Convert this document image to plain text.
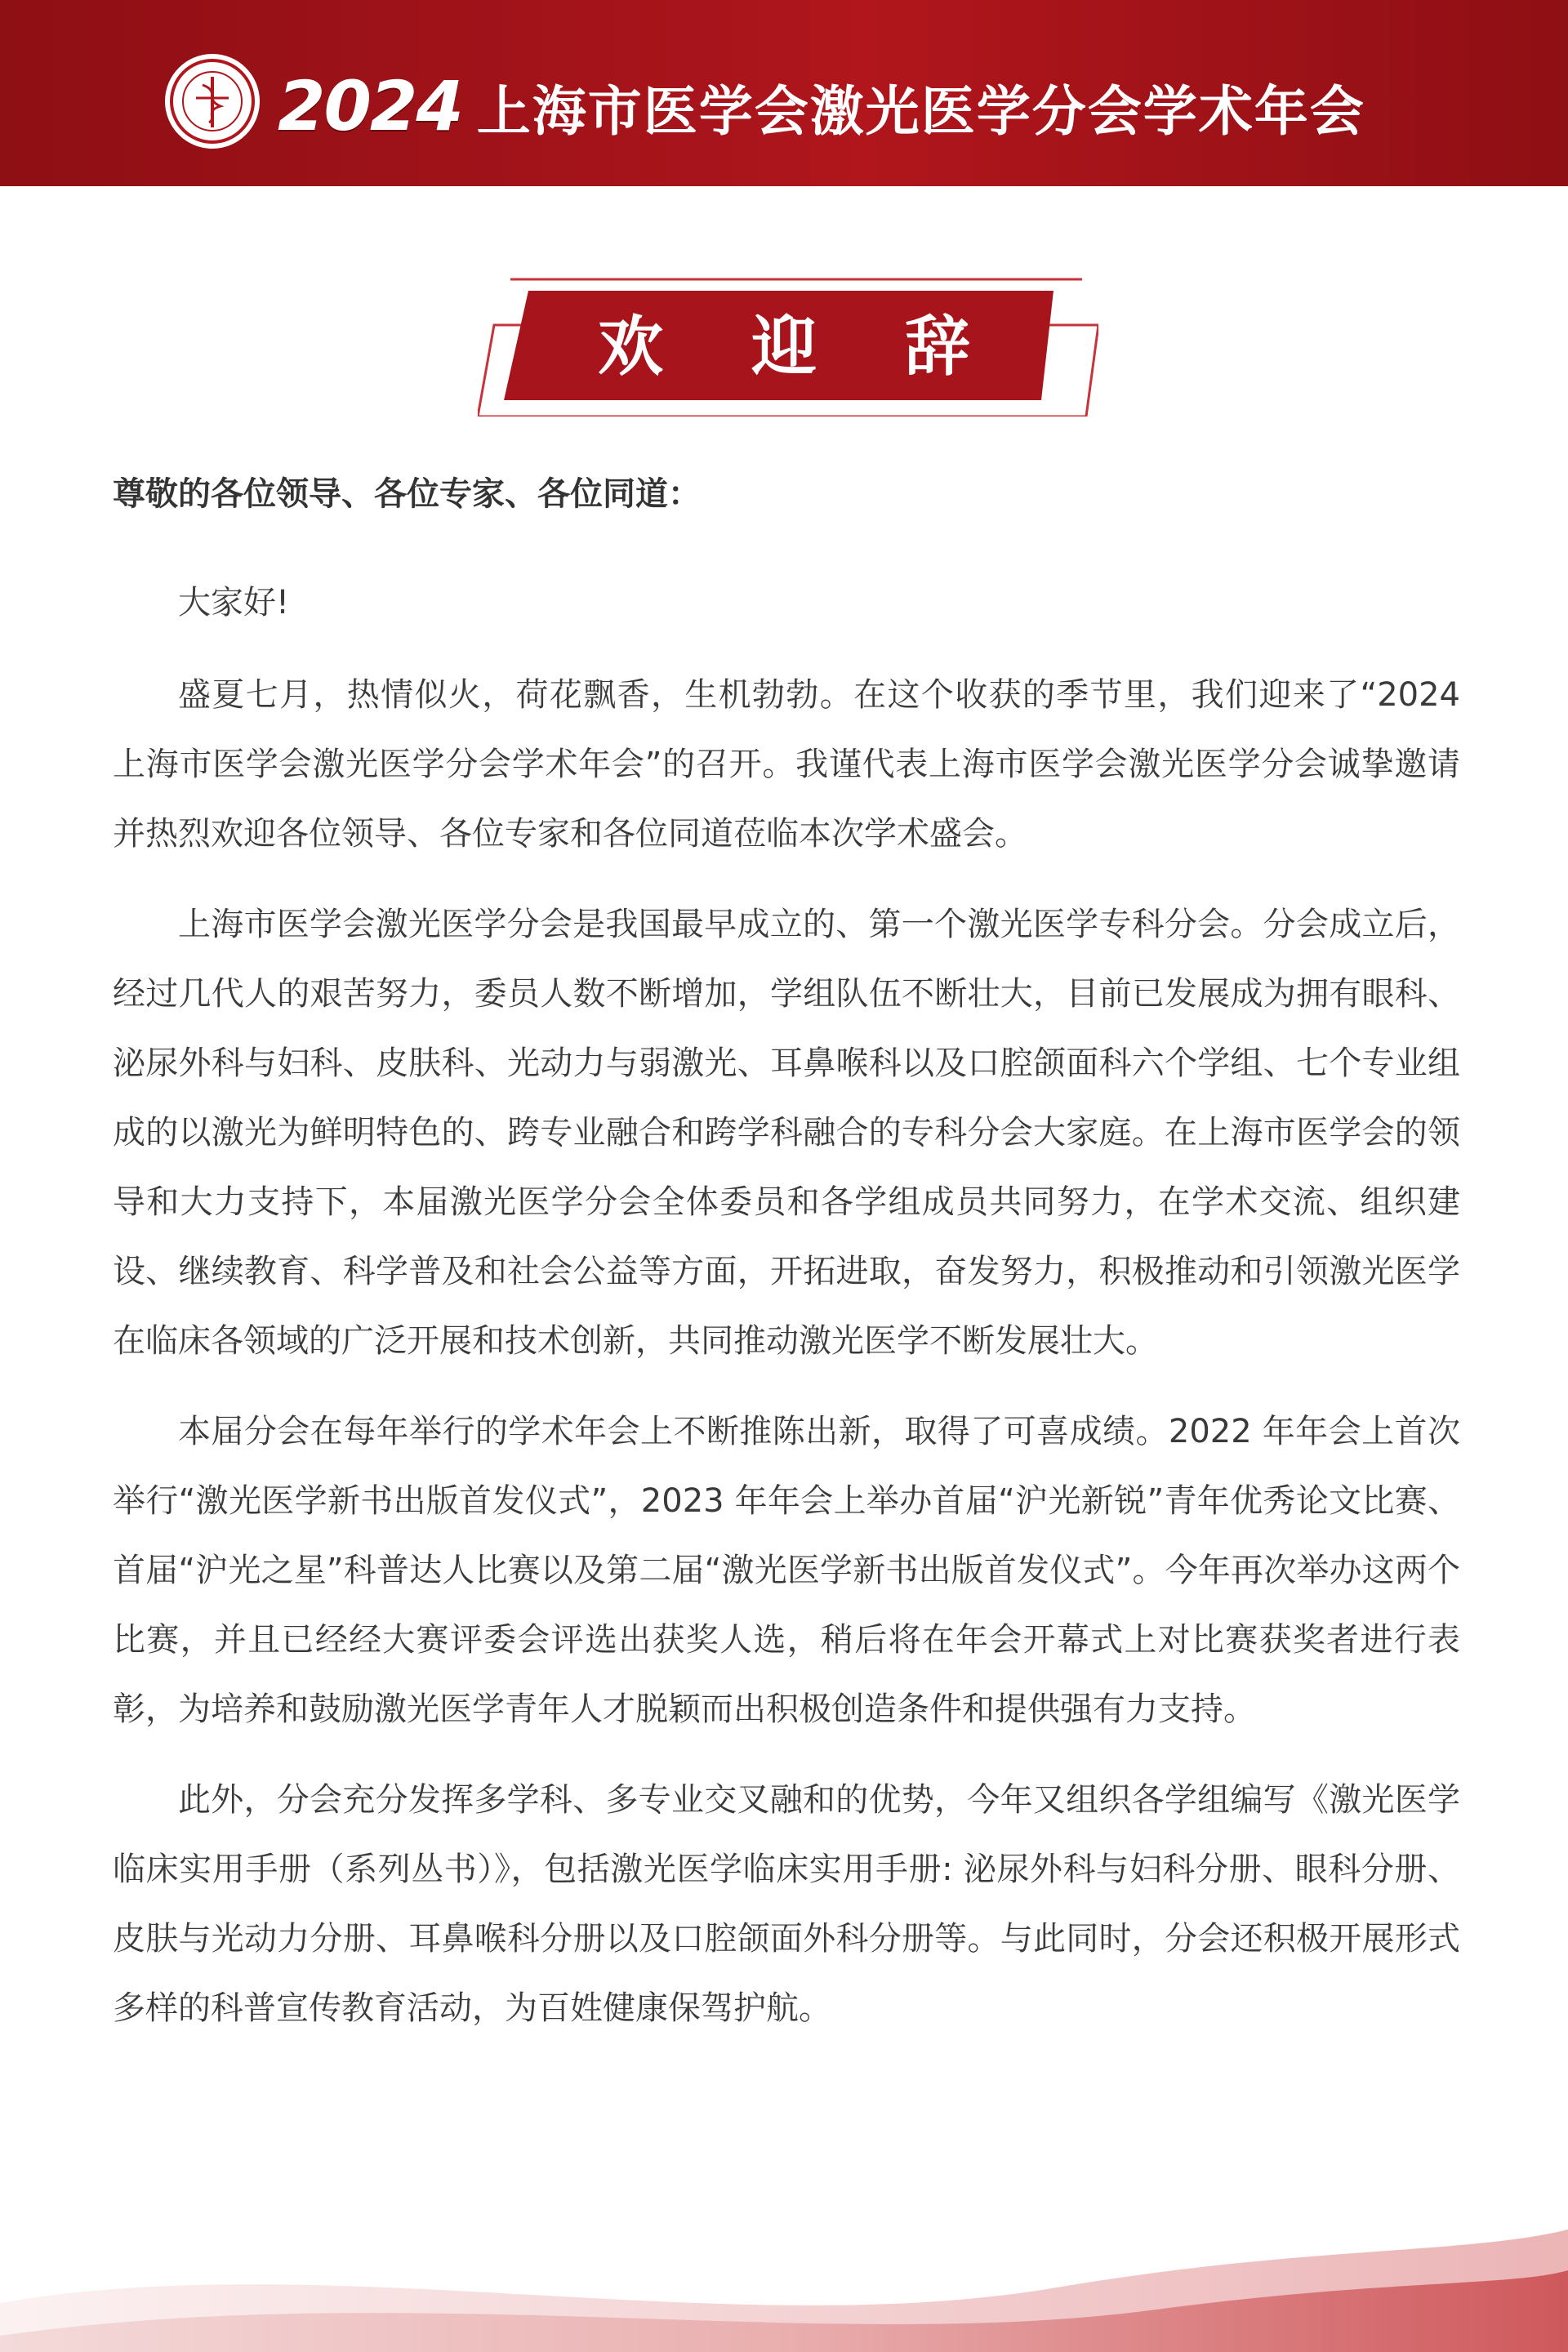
2024 上海市医学会激光医学分会学术年会
欢 迎 辞

尊敬的各位领导、各位专家、各位同道：

大家好!

盛夏七月，热情似火，荷花飘香，生机勃勃。在这个收获的季节里，我们迎来了“2024 上海市医学会激光医学分会学术年会”的召开。我谨代表上海市医学会激光医学分会诚挚邀请并热烈欢迎各位领导、各位专家和各位同道莅临本次学术盛会。

上海市医学会激光医学分会是我国最早成立的、第一个激光医学专科分会。分会成立后，经过几代人的艰苦努力，委员人数不断增加，学组队伍不断壮大，目前已发展成为拥有眼科、泌尿外科与妇科、皮肤科、光动力与弱激光、耳鼻喉科以及口腔颌面科六个学组、七个专业组成的以激光为鲜明特色的、跨专业融合和跨学科融合的专科分会大家庭。在上海市医学会的领导和大力支持下，本届激光医学分会全体委员和各学组成员共同努力，在学术交流、组织建设、继续教育、科学普及和社会公益等方面，开拓进取，奋发努力，积极推动和引领激光医学在临床各领域的广泛开展和技术创新，共同推动激光医学不断发展壮大。

本届分会在每年举行的学术年会上不断推陈出新，取得了可喜成绩。2022 年年会上首次举行“激光医学新书出版首发仪式”，2023 年年会上举办首届“沪光新锐”青年优秀论文比赛、首届“沪光之星”科普达人比赛以及第二届“激光医学新书出版首发仪式”。今年再次举办这两个比赛，并且已经经大赛评委会评选出获奖人选，稍后将在年会开幕式上对比赛获奖者进行表彰，为培养和鼓励激光医学青年人才脱颖而出积极创造条件和提供强有力支持。

此外，分会充分发挥多学科、多专业交叉融和的优势，今年又组织各学组编写《激光医学临床实用手册（系列丛书）》，包括激光医学临床实用手册: 泌尿外科与妇科分册、眼科分册、皮肤与光动力分册、耳鼻喉科分册以及口腔颌面外科分册等。与此同时，分会还积极开展形式多样的科普宣传教育活动，为百姓健康保驾护航。
